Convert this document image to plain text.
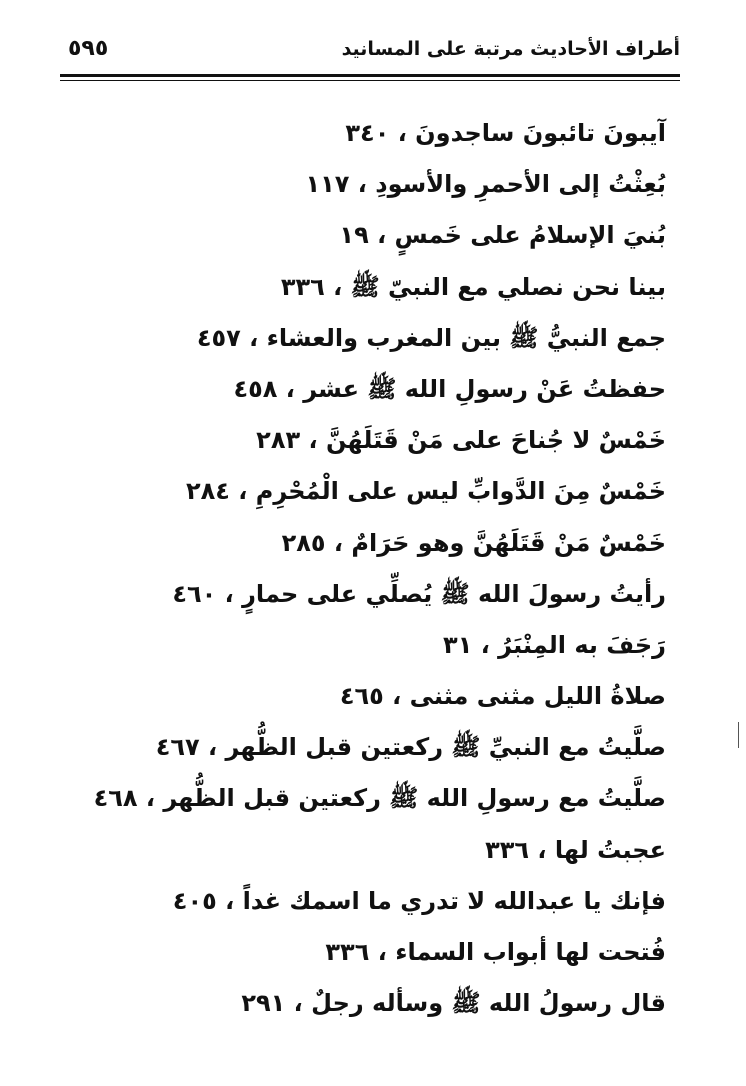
٥٩٥	أطراف الأحاديث مرتبة على المسانيد
آيبونَ تائبونَ ساجدونَ ، ٣٤٠
بُعِثْتُ إلى الأحمرِ والأسودِ ، ١١٧
بُنيَ الإسلامُ على خَمسٍ ، ١٩
بينا نحن نصلي مع النبيّ ﷺ ، ٣٣٦
جمع النبيُّ ﷺ بين المغرب والعشاء ، ٤٥٧
حفظتُ عَنْ رسولِ الله ﷺ عشر ، ٤٥٨
خَمْسٌ لا جُناحَ على مَنْ قَتَلَهُنَّ ، ٢٨٣
خَمْسٌ مِنَ الدَّوابِّ ليس على الْمُحْرِمِ ، ٢٨٤
خَمْسٌ مَنْ قَتَلَهُنَّ وهو حَرَامٌ ، ٢٨٥
رأيتُ رسولَ الله ﷺ يُصلِّي على حمارٍ ، ٤٦٠
رَجَفَ به المِنْبَرُ ، ٣١
صلاةُ الليل مثنى مثنى ، ٤٦٥
صلَّيتُ مع النبيِّ ﷺ ركعتين قبل الظُّهر ، ٤٦٧
صلَّيتُ مع رسولِ الله ﷺ ركعتين قبل الظُّهر ، ٤٦٨
عجبتُ لها ، ٣٣٦
فإنك يا عبدالله لا تدري ما اسمك غداً ، ٤٠٥
فُتحت لها أبواب السماء ، ٣٣٦
قال رسولُ الله ﷺ وسأله رجلٌ ، ٢٩١
